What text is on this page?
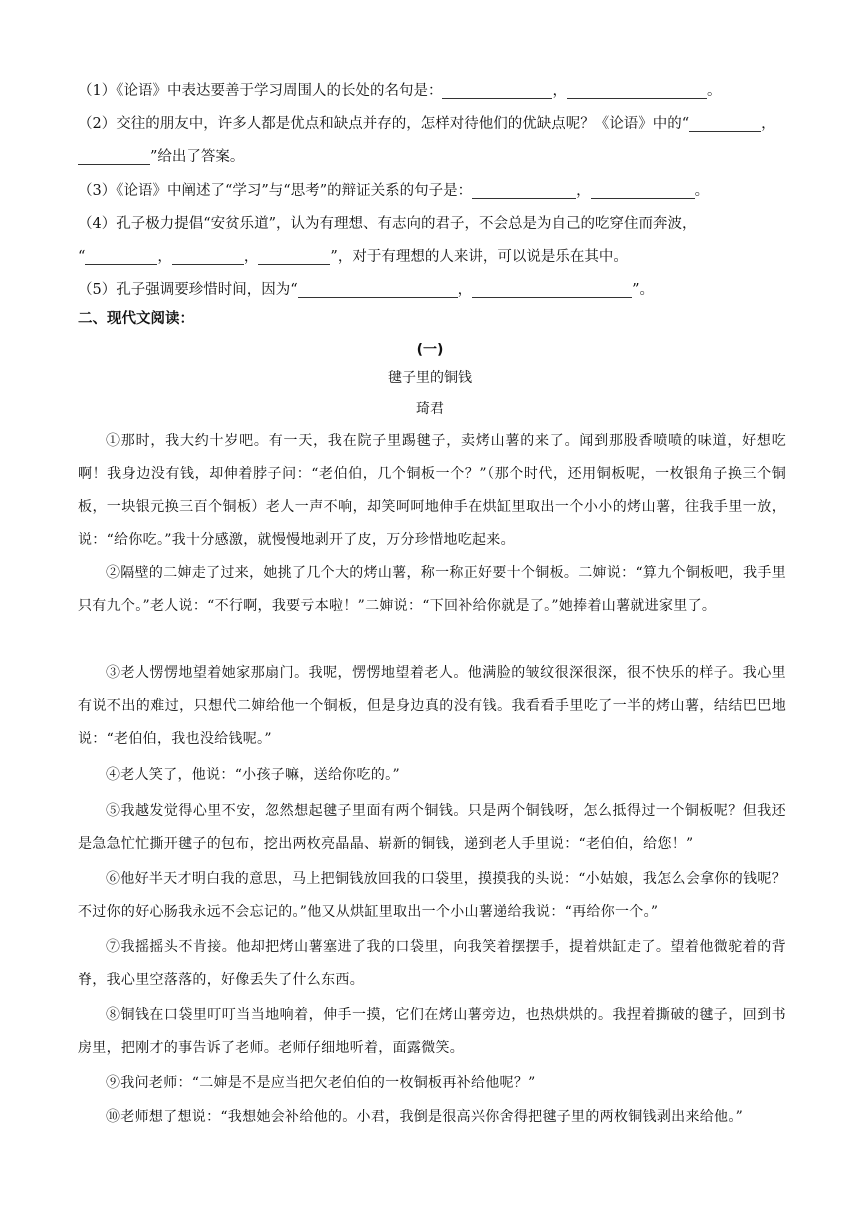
（1）《论语》中表达要善于学习周围人的长处的名句是：	，	。
（2）交往的朋友中，许多人都是优点和缺点并存的，怎样对待他们的优缺点呢？《论语》中的“	，
”给出了答案。
（3）《论语》中阐述了“学习”与“思考”的辩证关系的句子是：	，	。
（4）孔子极力提倡“安贫乐道”，认为有理想、有志向的君子，不会总是为自己的吃穿住而奔波，
“	，	，	”，对于有理想的人来讲，可以说是乐在其中。
（5）孔子强调要珍惜时间，因为“	，	”。
二、现代文阅读：
(一)
毽子里的铜钱
琦君
①那时，我大约十岁吧。有一天，我在院子里踢毽子，卖烤山薯的来了。闻到那股香喷喷的味道，好想吃啊！我身边没有钱，却伸着脖子问：“老伯伯，几个铜板一个？”（那个时代，还用铜板呢，一枚银角子换三个铜板，一块银元换三百个铜板）老人一声不响，却笑呵呵地伸手在烘缸里取出一个小小的烤山薯，往我手里一放，说：“给你吃。”我十分感激，就慢慢地剥开了皮，万分珍惜地吃起来。
②隔壁的二婶走了过来，她挑了几个大的烤山薯，称一称正好要十个铜板。二婶说：“算九个铜板吧，我手里只有九个。”老人说：“不行啊，我要亏本啦！”二婶说：“下回补给你就是了。”她捧着山薯就进家里了。
③老人愣愣地望着她家那扇门。我呢，愣愣地望着老人。他满脸的皱纹很深很深，很不快乐的样子。我心里有说不出的难过，只想代二婶给他一个铜板，但是身边真的没有钱。我看看手里吃了一半的烤山薯，结结巴巴地说：“老伯伯，我也没给钱呢。”
④老人笑了，他说：“小孩子嘛，送给你吃的。”
⑤我越发觉得心里不安，忽然想起毽子里面有两个铜钱。只是两个铜钱呀，怎么抵得过一个铜板呢？但我还是急急忙忙撕开毽子的包布，挖出两枚亮晶晶、崭新的铜钱，递到老人手里说：“老伯伯，给您！”
⑥他好半天才明白我的意思，马上把铜钱放回我的口袋里，摸摸我的头说：“小姑娘，我怎么会拿你的钱呢？不过你的好心肠我永远不会忘记的。”他又从烘缸里取出一个小山薯递给我说：“再给你一个。”
⑦我摇摇头不肯接。他却把烤山薯塞进了我的口袋里，向我笑着摆摆手，提着烘缸走了。望着他微驼着的背脊，我心里空落落的，好像丢失了什么东西。
⑧铜钱在口袋里叮叮当当地响着，伸手一摸，它们在烤山薯旁边，也热烘烘的。我捏着撕破的毽子，回到书房里，把刚才的事告诉了老师。老师仔细地听着，面露微笑。
⑨我问老师：“二婶是不是应当把欠老伯伯的一枚铜板再补给他呢？”
⑩老师想了想说：“我想她会补给他的。小君，我倒是很高兴你舍得把毽子里的两枚铜钱剥出来给他。”
